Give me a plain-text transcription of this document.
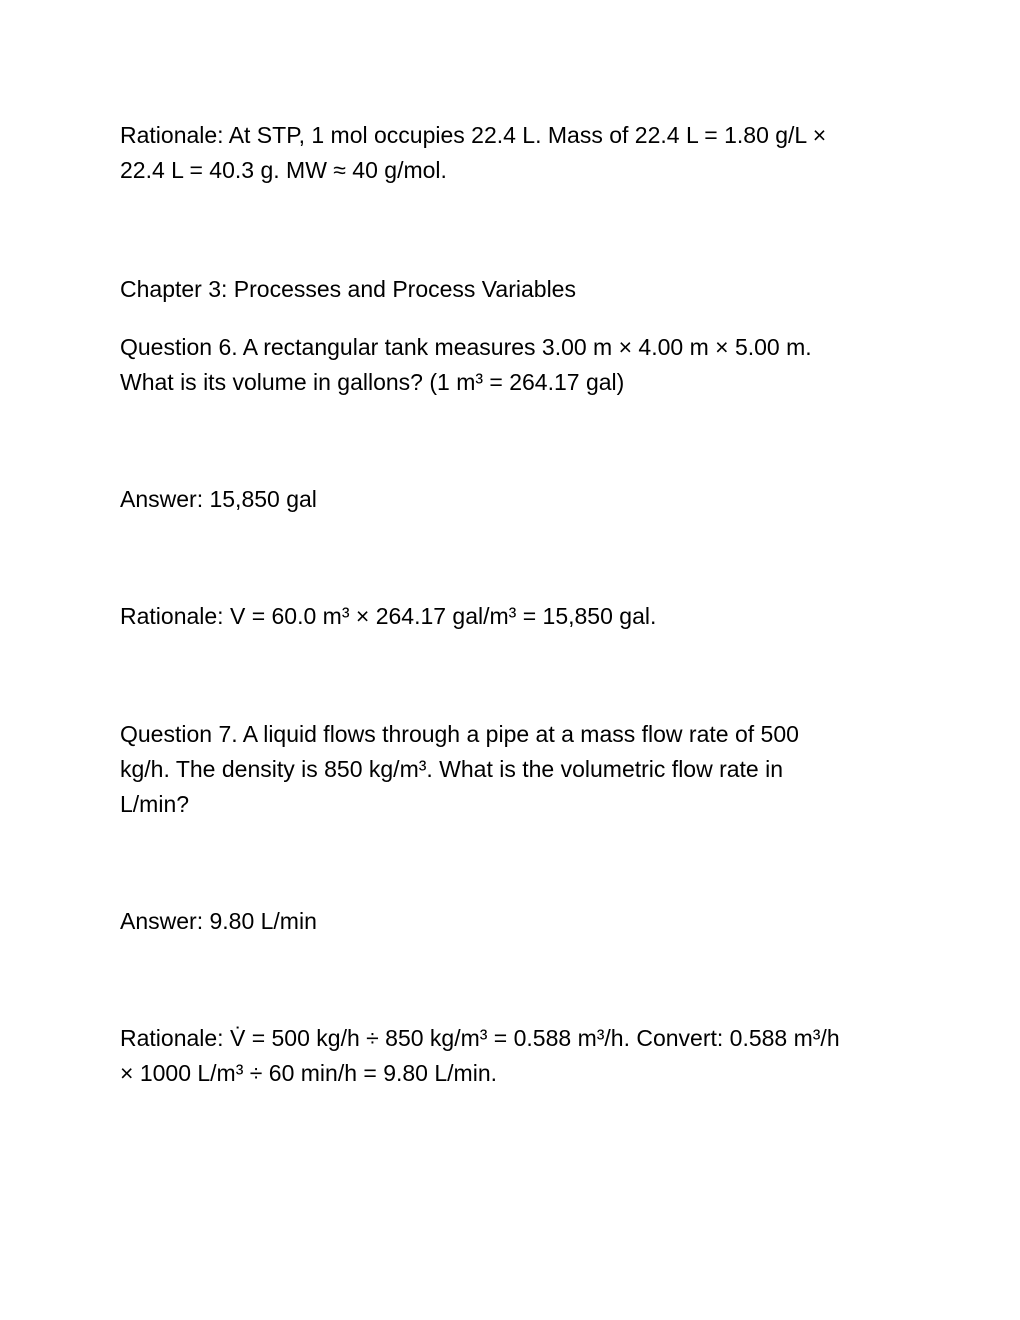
Rationale: At STP, 1 mol occupies 22.4 L. Mass of 22.4 L = 1.80 g/L ×
22.4 L = 40.3 g. MW ≈ 40 g/mol.

Chapter 3: Processes and Process Variables

Question 6. A rectangular tank measures 3.00 m × 4.00 m × 5.00 m.
What is its volume in gallons? (1 m³ = 264.17 gal)

Answer: 15,850 gal

Rationale: V = 60.0 m³ × 264.17 gal/m³ = 15,850 gal.

Question 7. A liquid flows through a pipe at a mass flow rate of 500
kg/h. The density is 850 kg/m³. What is the volumetric flow rate in
L/min?

Answer: 9.80 L/min

Rationale: V̇ = 500 kg/h ÷ 850 kg/m³ = 0.588 m³/h. Convert: 0.588 m³/h
× 1000 L/m³ ÷ 60 min/h = 9.80 L/min.
